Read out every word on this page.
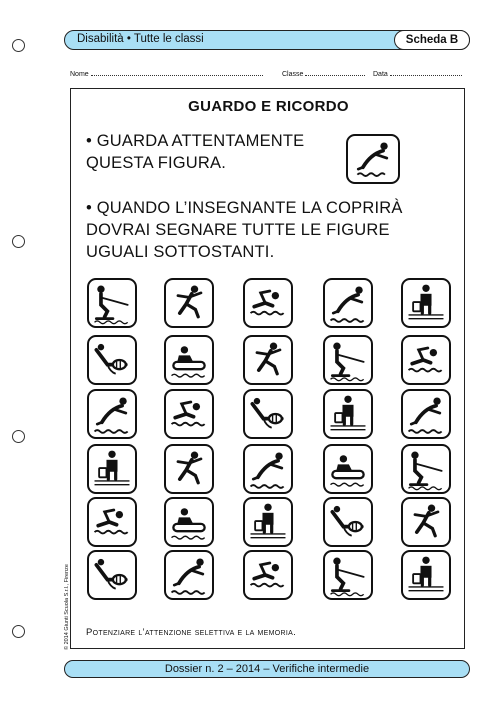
Disabilità • Tutte le classi	Scheda B
Nome	Classe	Data
GUARDO E RICORDO
• GUARDA ATTENTAMENTE
QUESTA FIGURA.
• QUANDO L’INSEGNANTE LA COPRIRÀ
DOVRAI SEGNARE TUTTE LE FIGURE
UGUALI SOTTOSTANTI.
Potenziare l’attenzione selettiva e la memoria.
© 2014 Giunti Scuola S.r.l., Firenze
Dossier n. 2 – 2014 – Verifiche intermedie
